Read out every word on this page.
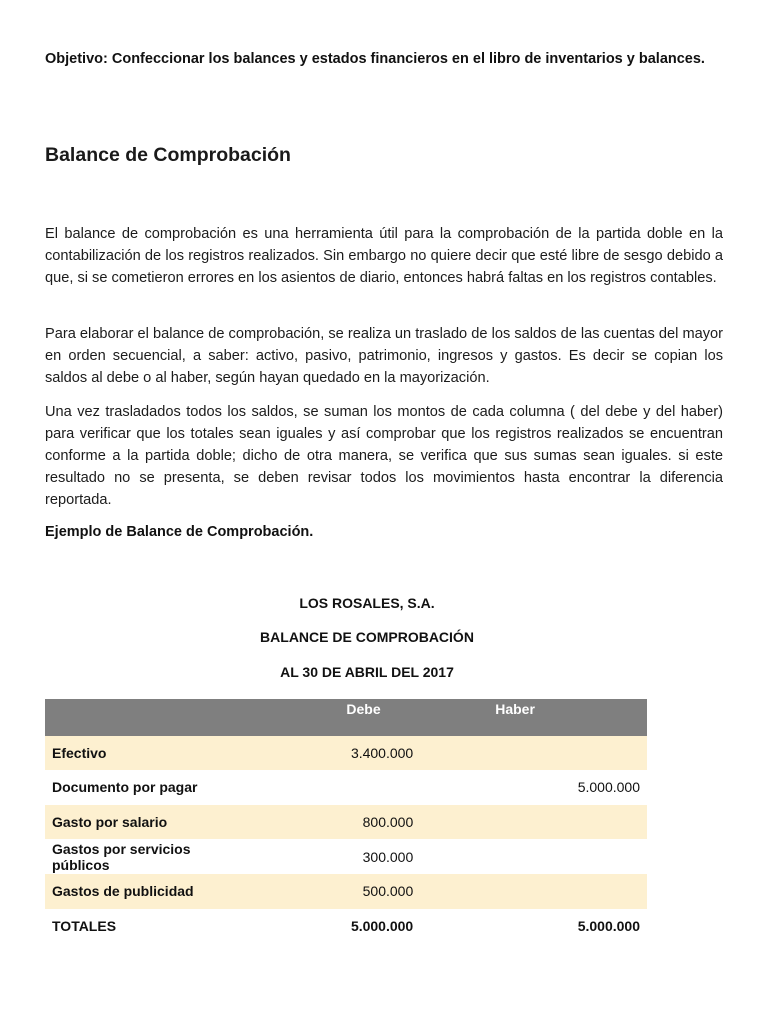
Objetivo: Confeccionar los balances y estados financieros en el libro de inventarios y balances.
Balance de Comprobación

El balance de comprobación es una herramienta útil para la comprobación de la partida doble en la contabilización de los registros realizados. Sin embargo no quiere decir que esté libre de sesgo debido a que, si se cometieron errores en los asientos de diario, entonces habrá faltas en los registros contables.

Para elaborar el balance de comprobación, se realiza un traslado de los saldos de las cuentas del mayor en orden secuencial, a saber: activo, pasivo, patrimonio, ingresos y gastos. Es decir se copian los saldos al debe o al haber, según hayan quedado en la mayorización.

Una vez trasladados todos los saldos, se suman los montos de cada columna ( del debe y del haber) para verificar que los totales sean iguales y así comprobar que los registros realizados se encuentran conforme a la partida doble; dicho de otra manera, se verifica que sus sumas sean iguales. si este resultado no se presenta, se deben revisar todos los movimientos hasta encontrar la diferencia reportada.

Ejemplo de Balance de Comprobación.
LOS ROSALES, S.A.
BALANCE DE COMPROBACIÓN
AL 30 DE ABRIL DEL 2017
	Debe	Haber
Efectivo	3.400.000	
Documento por pagar		5.000.000
Gasto por salario	800.000	
Gastos por servicios públicos	300.000	
Gastos de publicidad	500.000	
TOTALES	5.000.000	5.000.000
